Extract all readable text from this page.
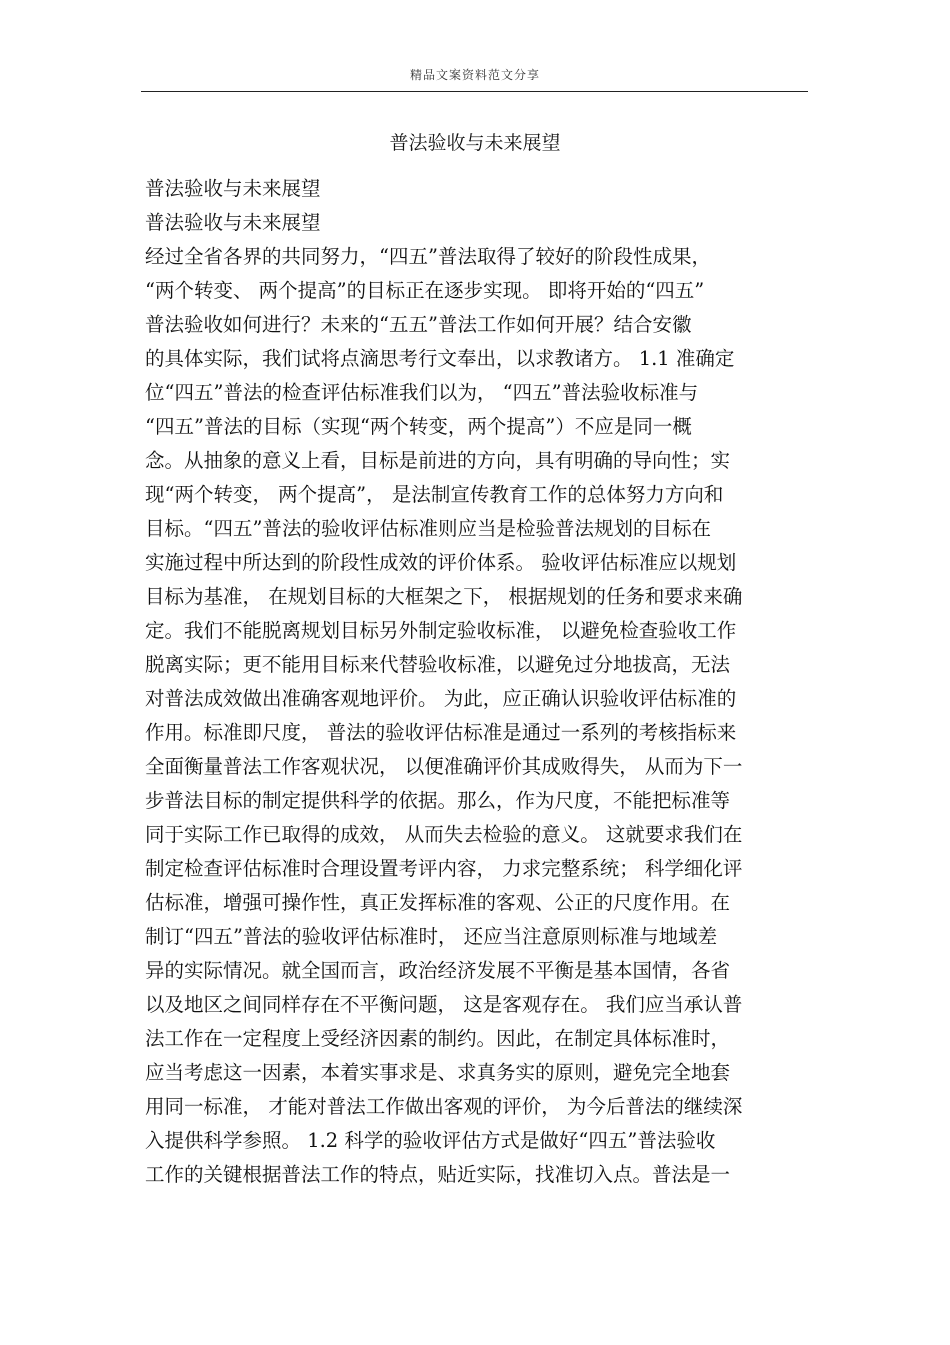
精品文案资料范文分享
普法验收与未来展望
普法验收与未来展望
普法验收与未来展望
经过全省各界的共同努力，“四五”普法取得了较好的阶段性成果，
“两个转变、 两个提高”的目标正在逐步实现。 即将开始的“四五”
普法验收如何进行？未来的“五五”普法工作如何开展？结合安徽
的具体实际，我们试将点滴思考行文奉出，以求教诸方。 1.1 准确定
位“四五”普法的检查评估标准我们以为， “四五”普法验收标准与
“四五”普法的目标（实现“两个转变，两个提高”）不应是同一概
念。从抽象的意义上看，目标是前进的方向，具有明确的导向性；实
现“两个转变， 两个提高”， 是法制宣传教育工作的总体努力方向和
目标。“四五”普法的验收评估标准则应当是检验普法规划的目标在
实施过程中所达到的阶段性成效的评价体系。 验收评估标准应以规划
目标为基准， 在规划目标的大框架之下， 根据规划的任务和要求来确
定。我们不能脱离规划目标另外制定验收标准， 以避免检查验收工作
脱离实际；更不能用目标来代替验收标准，以避免过分地拔高，无法
对普法成效做出准确客观地评价。 为此，应正确认识验收评估标准的
作用。标准即尺度， 普法的验收评估标准是通过一系列的考核指标来
全面衡量普法工作客观状况， 以便准确评价其成败得失， 从而为下一
步普法目标的制定提供科学的依据。那么，作为尺度，不能把标准等
同于实际工作已取得的成效， 从而失去检验的意义。 这就要求我们在
制定检查评估标准时合理设置考评内容， 力求完整系统； 科学细化评
估标准，增强可操作性，真正发挥标准的客观、公正的尺度作用。在
制订“四五”普法的验收评估标准时， 还应当注意原则标准与地域差
异的实际情况。就全国而言，政治经济发展不平衡是基本国情，各省
以及地区之间同样存在不平衡问题， 这是客观存在。 我们应当承认普
法工作在一定程度上受经济因素的制约。因此，在制定具体标准时，
应当考虑这一因素，本着实事求是、求真务实的原则，避免完全地套
用同一标准， 才能对普法工作做出客观的评价， 为今后普法的继续深
入提供科学参照。 1.2 科学的验收评估方式是做好“四五”普法验收
工作的关键根据普法工作的特点，贴近实际，找准切入点。普法是一
